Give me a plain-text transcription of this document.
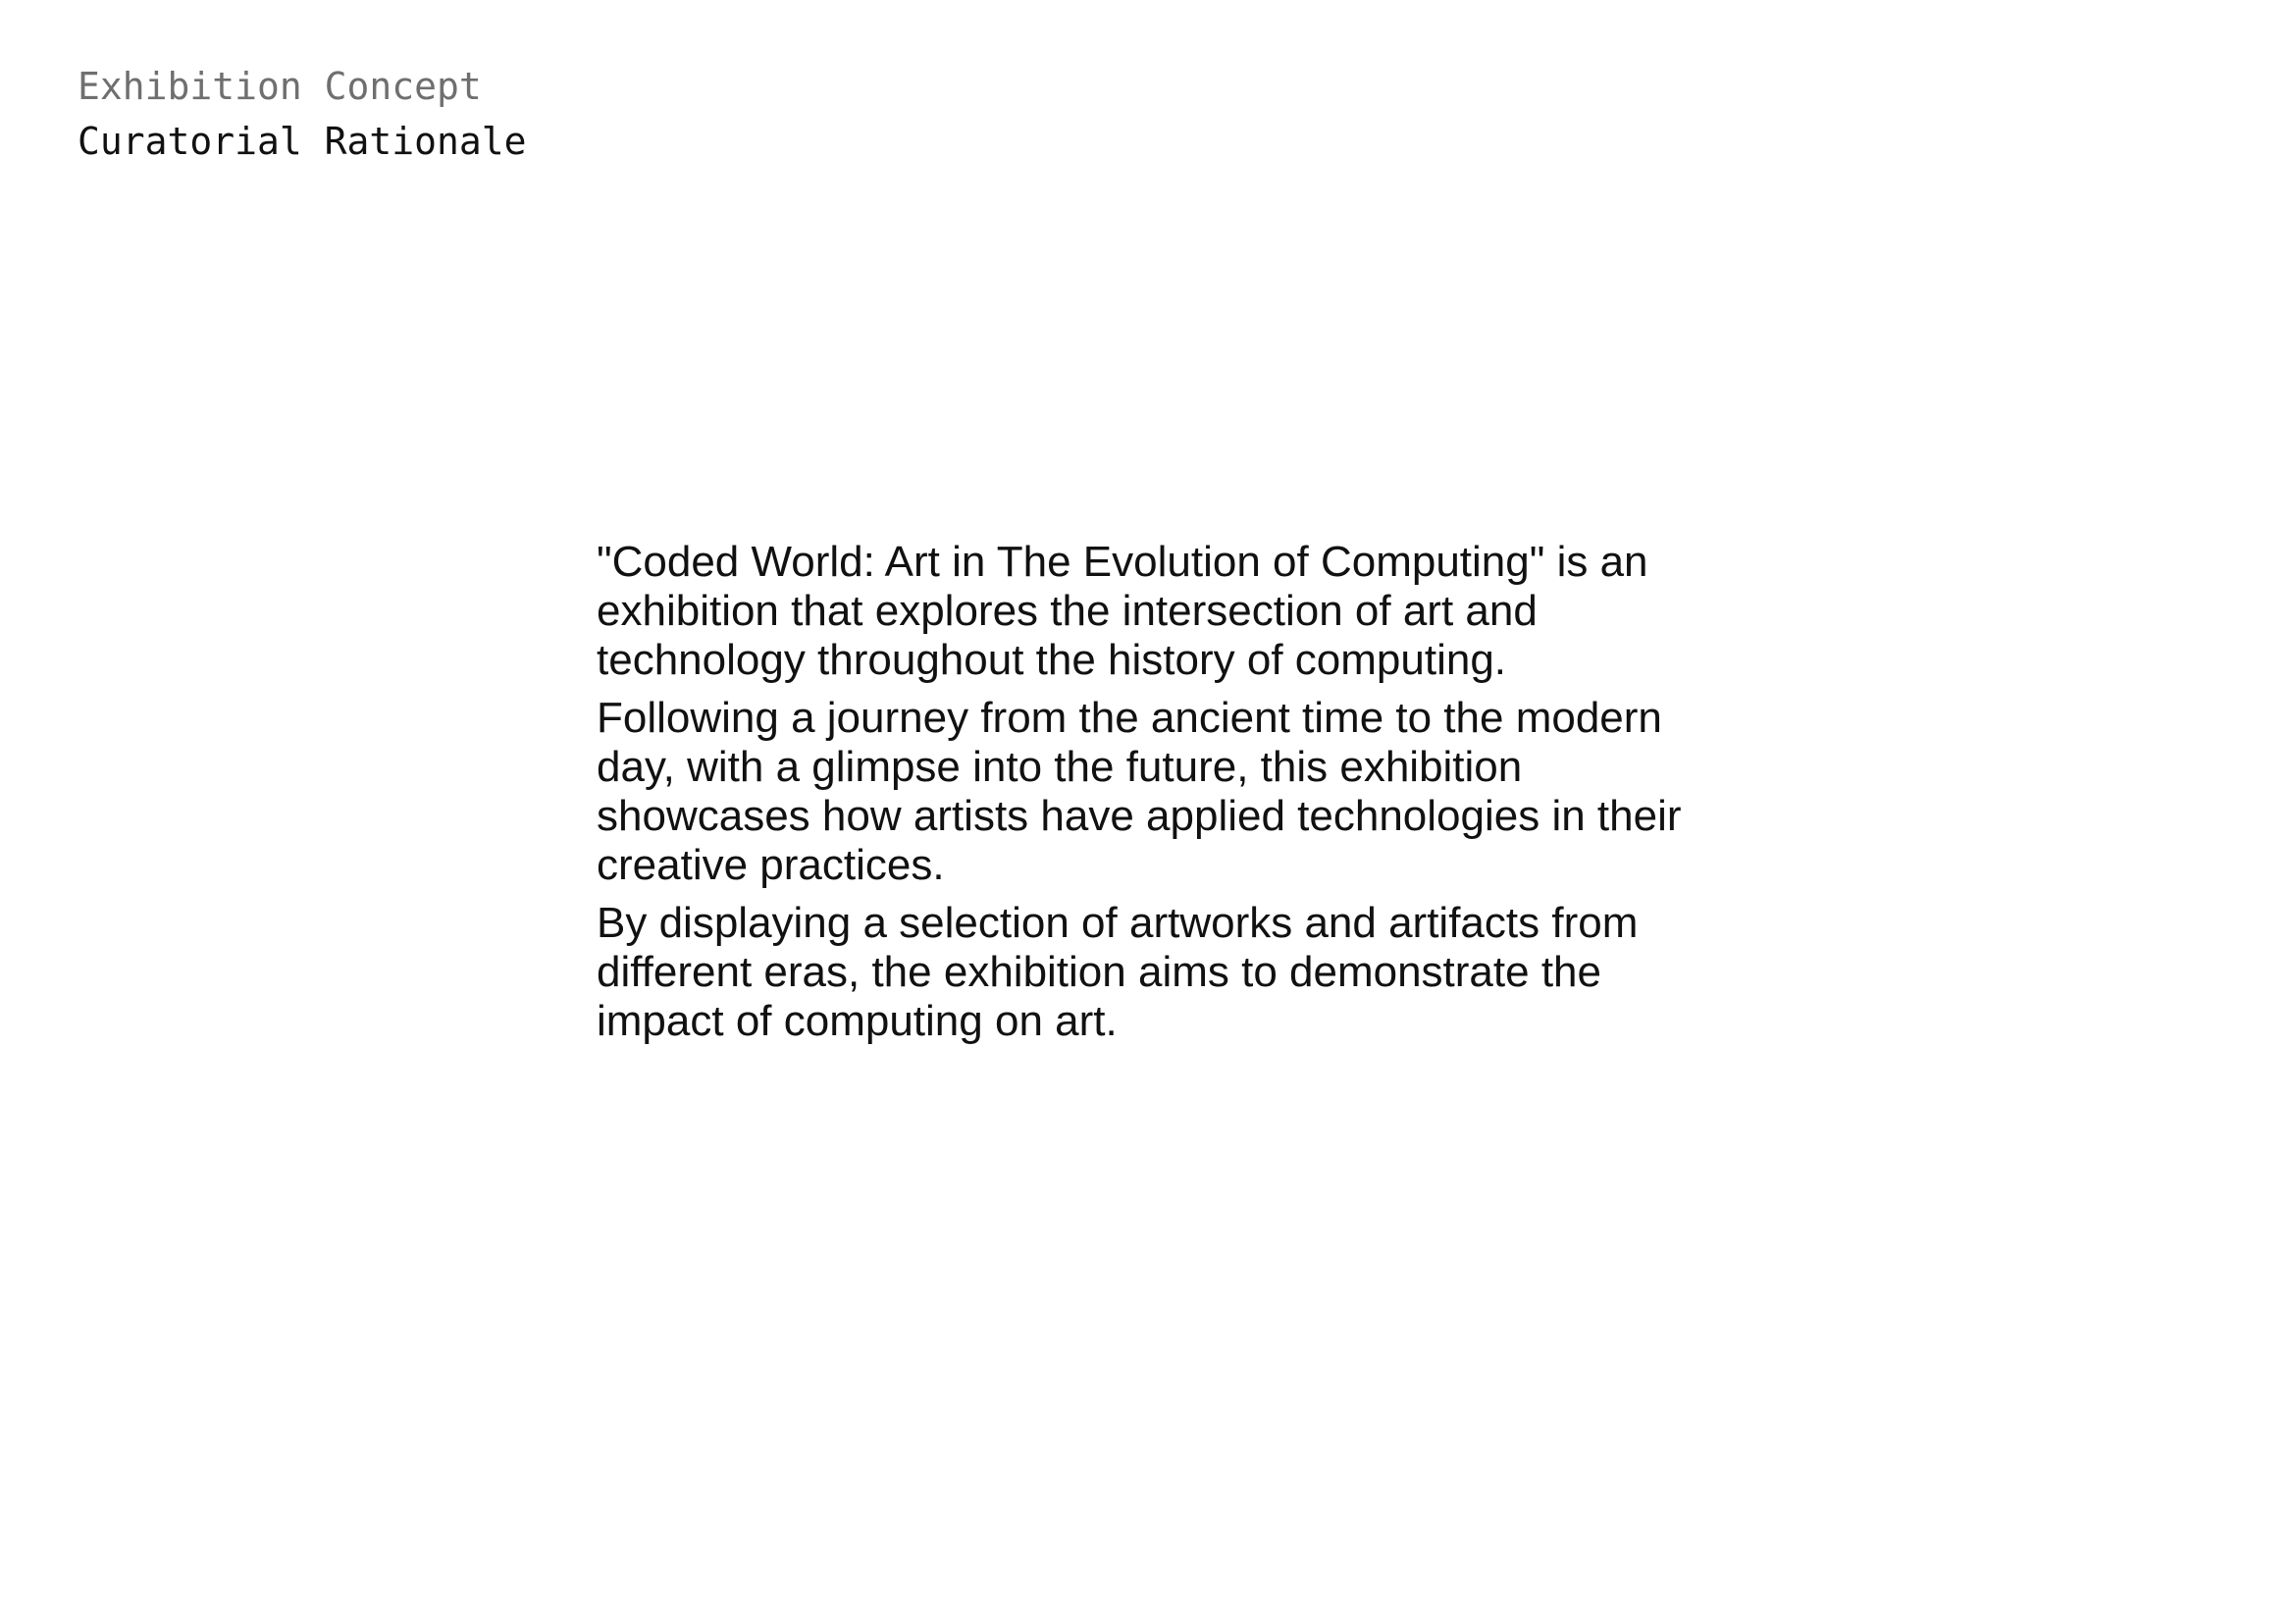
Exhibition Concept
Curatorial Rationale

"Coded World: Art in The Evolution of Computing" is an exhibition that explores the intersection of art and technology throughout the history of computing.

Following a journey from the ancient time to the modern day, with a glimpse into the future, this exhibition showcases how artists have applied technologies in their creative practices.

By displaying a selection of artworks and artifacts from different eras, the exhibition aims to demonstrate the impact of computing on art.
